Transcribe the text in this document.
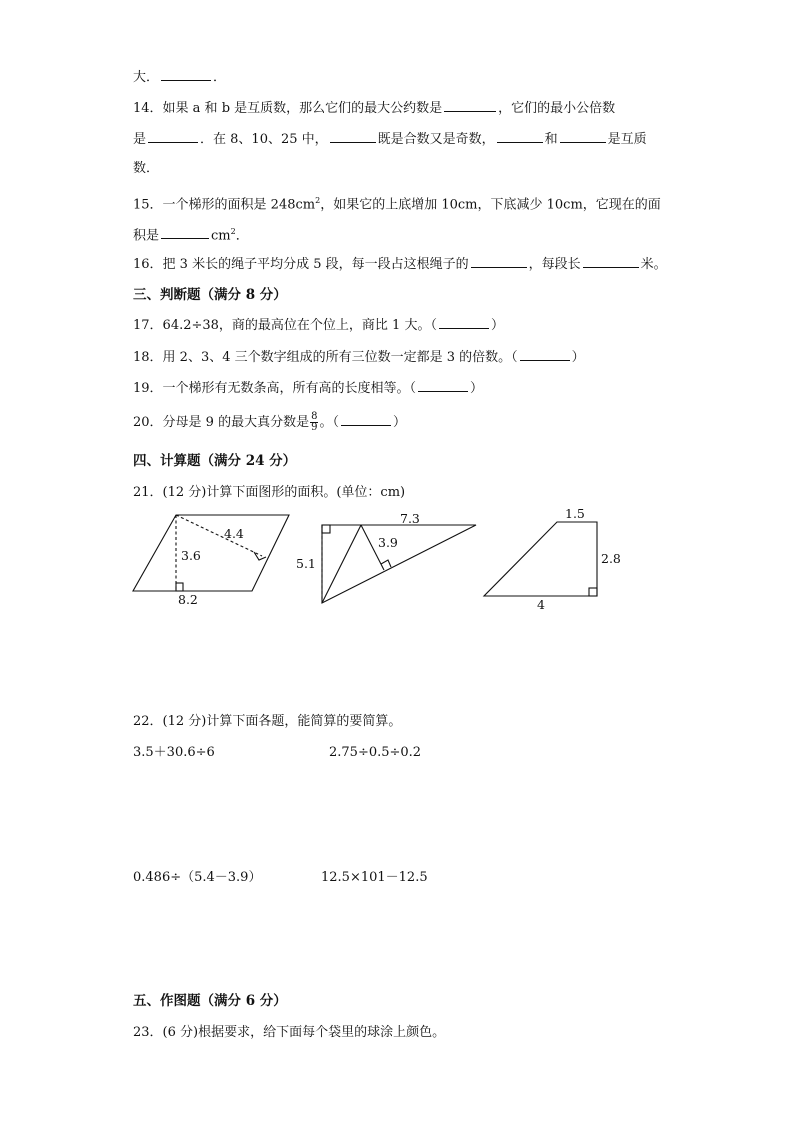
大．	．
14．如果 a 和 b 是互质数，那么它们的最大公约数是	，它们的最小公倍数
是	．在 8、10、25 中，	既是合数又是奇数，	和	是互质
数．
15．一个梯形的面积是 $248cm^2$，如果它的上底增加 10cm，下底减少 10cm，它现在的面
积是	$cm^2$．
16．把 3 米长的绳子平均分成 5 段，每一段占这根绳子的	，每段长	米。
三、判断题（满分 8 分）
17．64.2÷38，商的最高位在个位上，商比 1 大。（	）
18．用 2、3、4 三个数字组成的所有三位数一定都是 3 的倍数。（	）
19．一个梯形有无数条高，所有高的长度相等。（	）
20．分母是 9 的最大真分数是 $\frac{8}{9}$ 。（	）
四、计算题（满分 24 分）
21．(12 分)计算下面图形的面积。(单位：cm)
3.6
4.4
8.2
7.3
5.1
3.9
1.5
2.8
4
22．(12 分)计算下面各题，能简算的要简算。
3.5＋30.6÷6	2.75÷0.5÷0.2
0.486÷（5.4－3.9）	12.5×101－12.5
五、作图题（满分 6 分）
23．(6 分)根据要求，给下面每个袋里的球涂上颜色。
